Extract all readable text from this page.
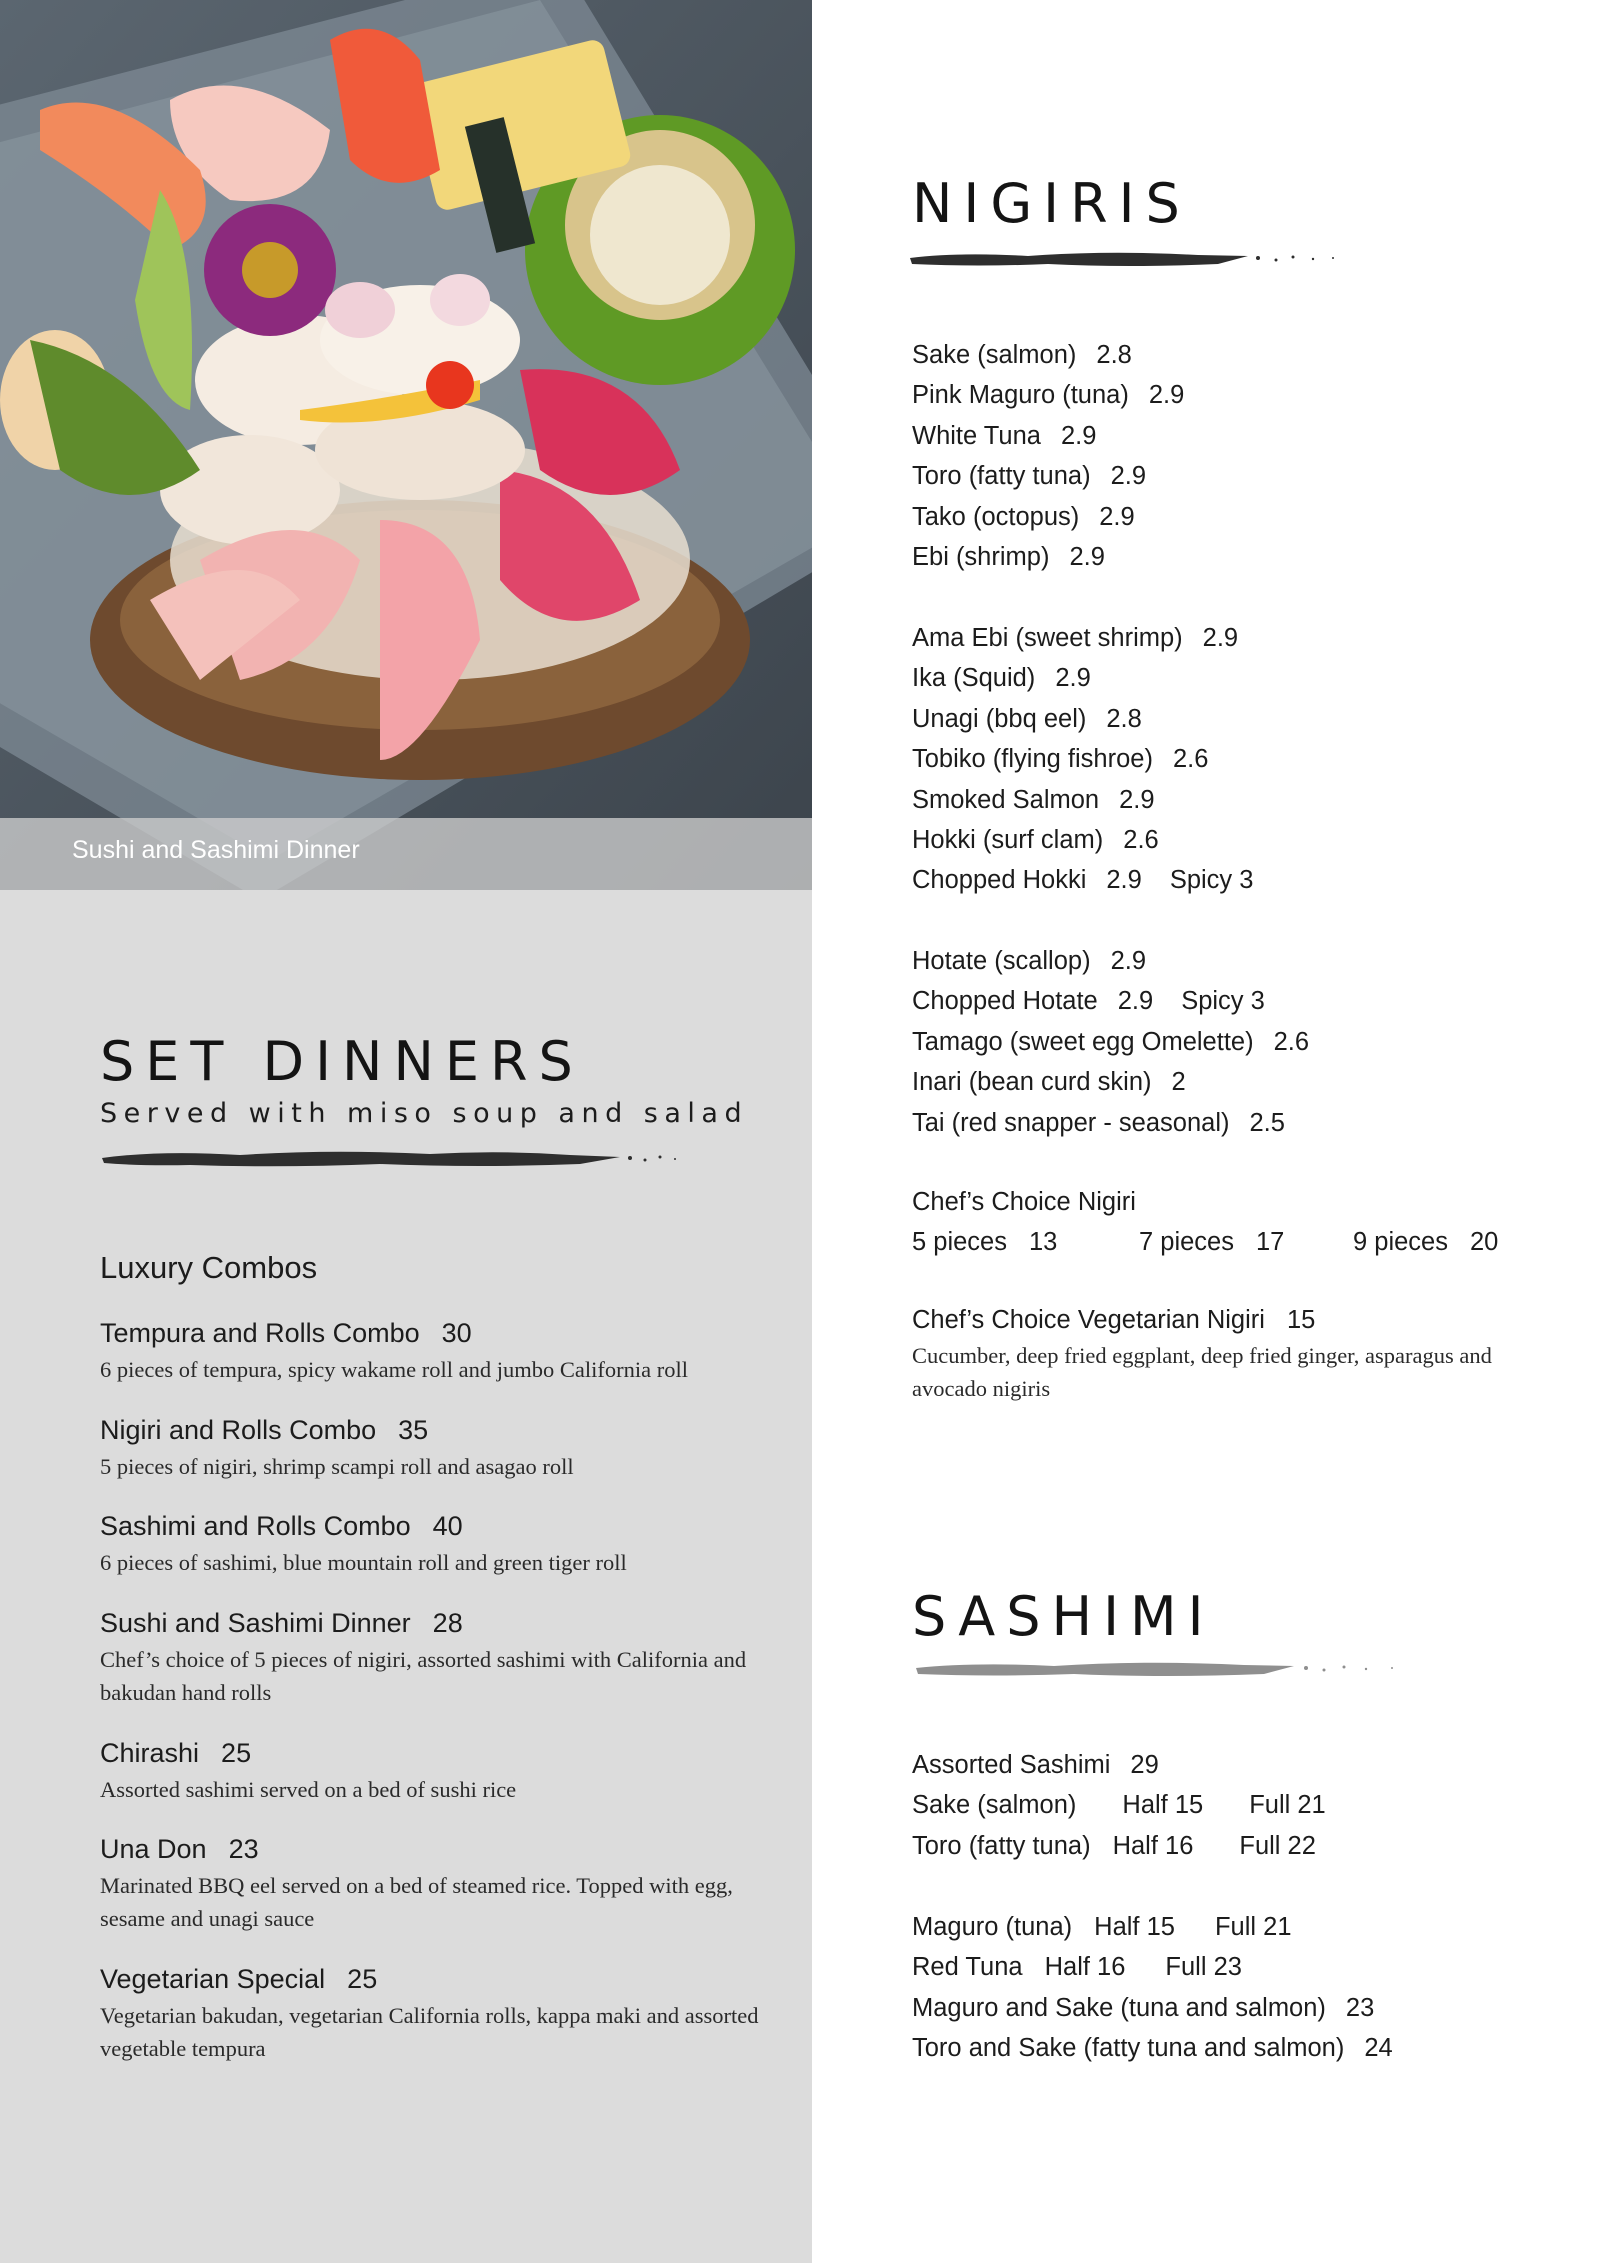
Sushi and Sashimi Dinner
SET DINNERS
Served with miso soup and salad
Luxury Combos
Tempura and Rolls Combo 30
6 pieces of tempura, spicy wakame roll and jumbo California roll
Nigiri and Rolls Combo 35
5 pieces of nigiri, shrimp scampi roll and asagao roll
Sashimi and Rolls Combo 40
6 pieces of sashimi, blue mountain roll and green tiger roll
Sushi and Sashimi Dinner 28
Chef’s choice of 5 pieces of nigiri, assorted sashimi with California and bakudan hand rolls
Chirashi 25
Assorted sashimi served on a bed of sushi rice
Una Don 23
Marinated BBQ eel served on a bed of steamed rice. Topped with egg, sesame and unagi sauce
Vegetarian Special 25
Vegetarian bakudan, vegetarian California rolls, kappa maki and assorted vegetable tempura
NIGIRIS
Sake (salmon) 2.8
Pink Maguro (tuna) 2.9
White Tuna 2.9
Toro (fatty tuna) 2.9
Tako (octopus) 2.9
Ebi (shrimp) 2.9
Ama Ebi (sweet shrimp) 2.9
Ika (Squid) 2.9
Unagi (bbq eel) 2.8
Tobiko (flying fishroe) 2.6
Smoked Salmon 2.9
Hokki (surf clam) 2.6
Chopped Hokki 2.9 Spicy 3
Hotate (scallop) 2.9
Chopped Hotate 2.9 Spicy 3
Tamago (sweet egg Omelette) 2.6
Inari (bean curd skin) 2
Tai (red snapper - seasonal) 2.5
Chef’s Choice Nigiri
5 pieces 13	7 pieces 17	9 pieces 20
Chef’s Choice Vegetarian Nigiri 15
Cucumber, deep fried eggplant, deep fried ginger, asparagus and avocado nigiris
SASHIMI
Assorted Sashimi 29
Sake (salmon) Half 15 Full 21
Toro (fatty tuna) Half 16 Full 22
Maguro (tuna) Half 15 Full 21
Red Tuna Half 16 Full 23
Maguro and Sake (tuna and salmon) 23
Toro and Sake (fatty tuna and salmon) 24
